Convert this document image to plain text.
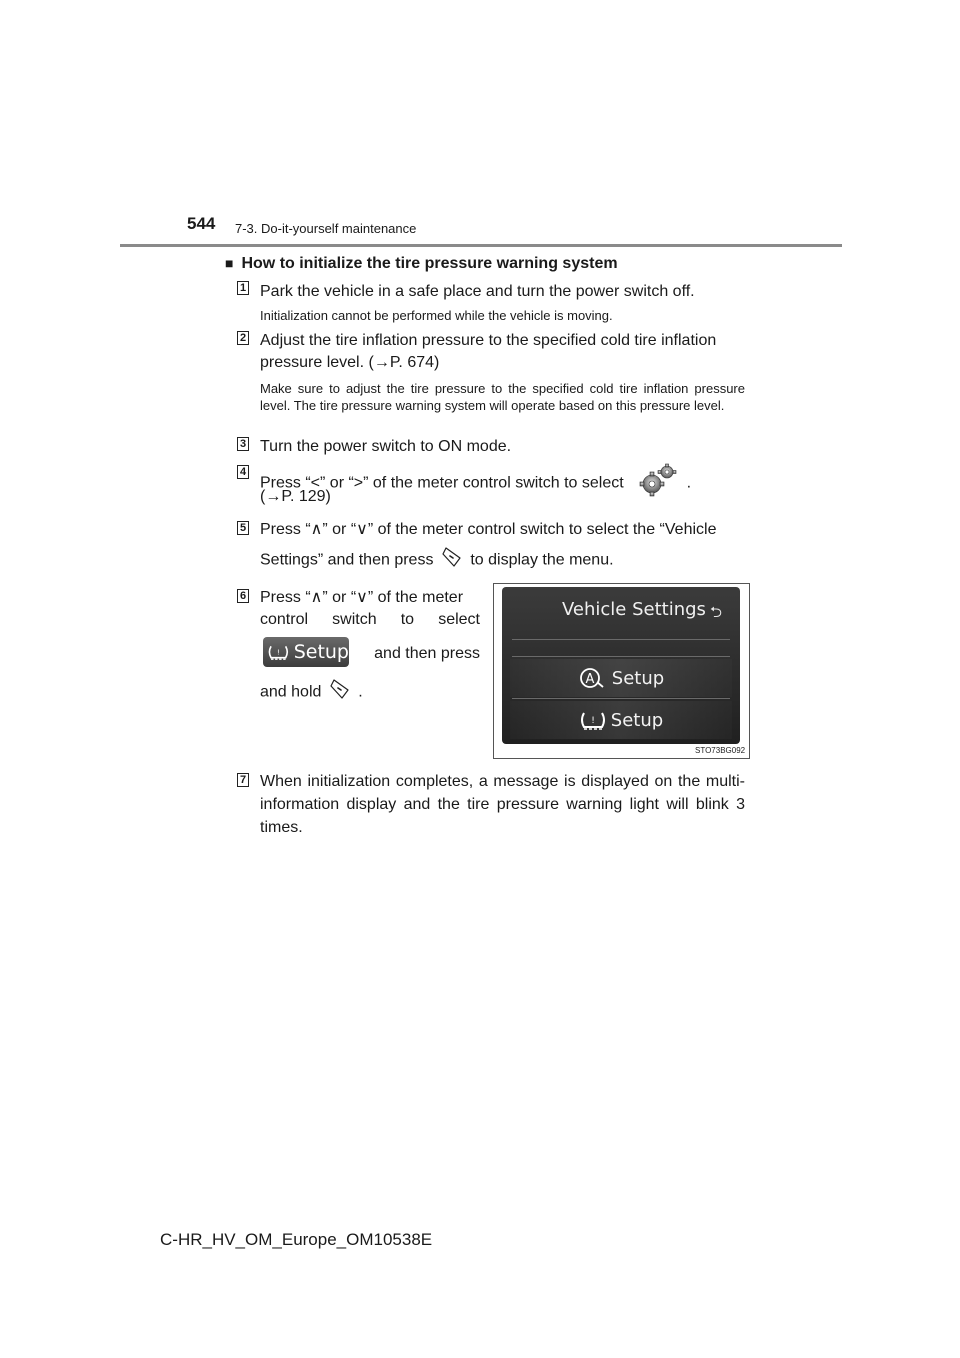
544 7-3. Do-it-yourself maintenance
■ How to initialize the tire pressure warning system
1 Park the vehicle in a safe place and turn the power switch off.
Initialization cannot be performed while the vehicle is moving.
2 Adjust the tire inflation pressure to the specified cold tire inflation
pressure level. (→P. 674)
Make sure to adjust the tire pressure to the specified cold tire inflation pressure level. The tire pressure warning system will operate based on this pressure level.
3 Turn the power switch to ON mode.
4
Press “<” or “>” of the meter control switch to select	.
(→P. 129)
5 Press “∧” or “∨” of the meter control switch to select the “Vehicle
Settings” and then press to display the menu.
6 Press “∧” or “∨” of the meter
control switch to select
! Setup	and then press
and hold .
Vehicle Settings ⮌
A Setup
! Setup
STO73BG092
7 When initialization completes, a message is displayed on the multi-information display and the tire pressure warning light will blink 3 times.
C-HR_HV_OM_Europe_OM10538E
